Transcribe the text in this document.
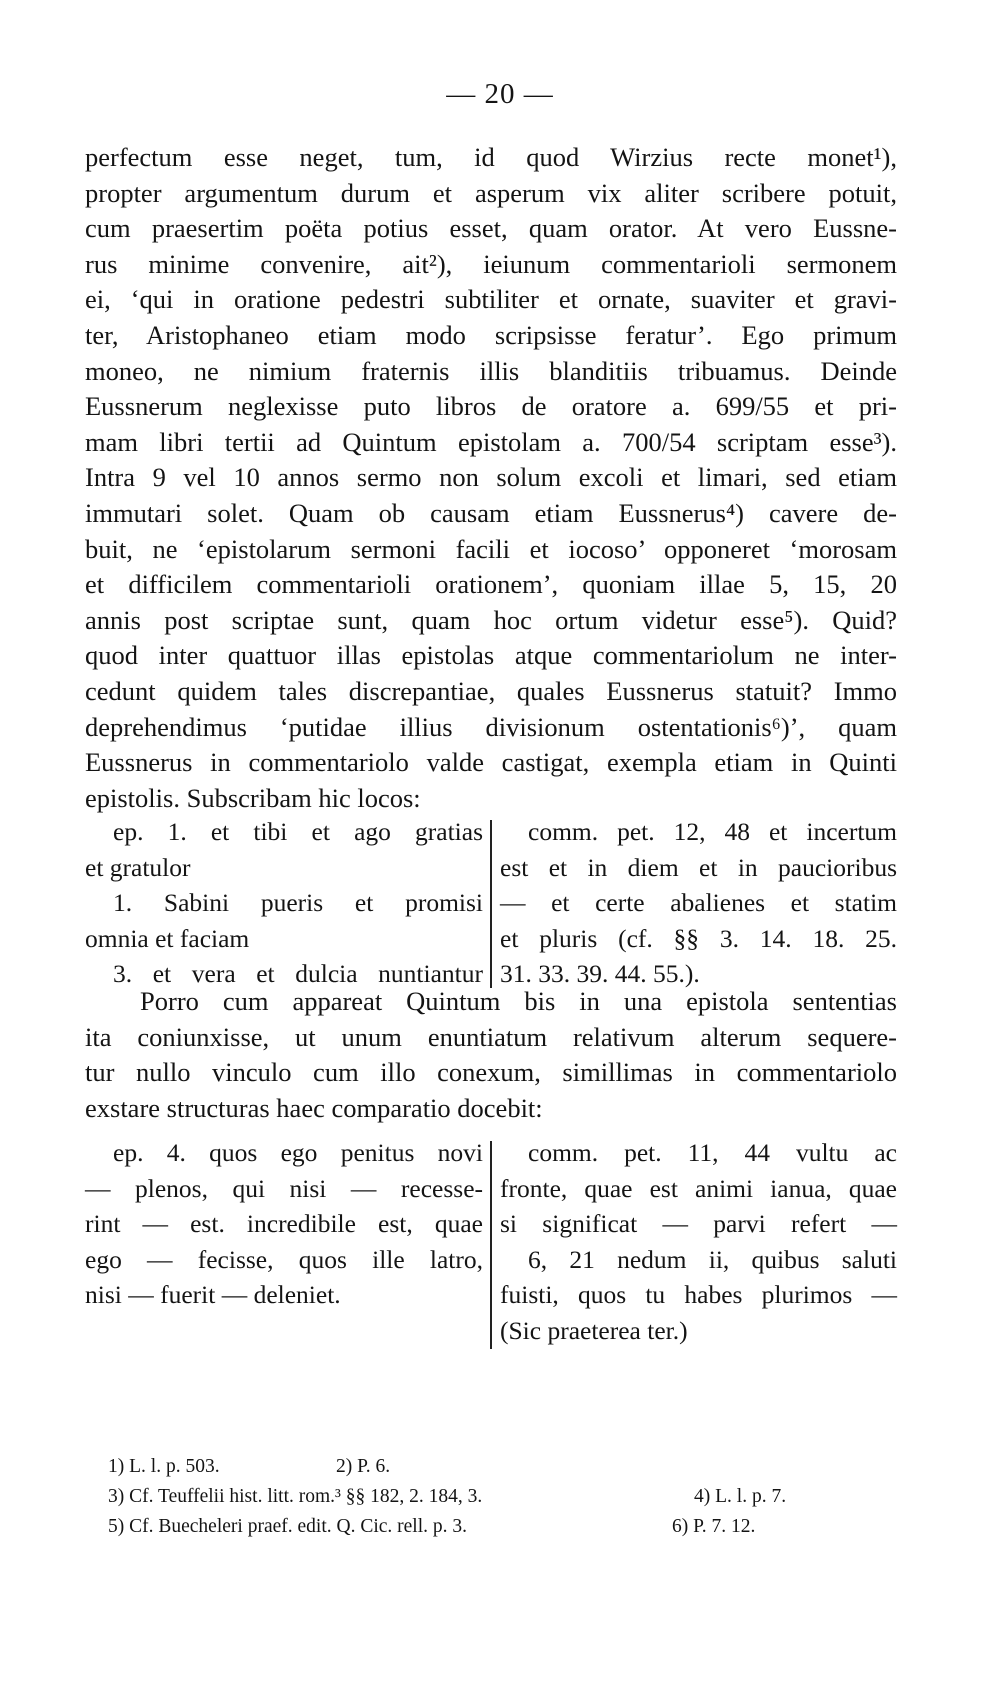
— 20 —
perfectum esse neget, tum, id quod Wirzius recte monet¹),
propter argumentum durum et asperum vix aliter scribere potuit,
cum praesertim poëta potius esset, quam orator. At vero Eussne-
rus minime convenire, ait²), ieiunum commentarioli sermonem
ei, ‘qui in oratione pedestri subtiliter et ornate, suaviter et gravi-
ter, Aristophaneo etiam modo scripsisse feratur’. Ego primum
moneo, ne nimium fraternis illis blanditiis tribuamus. Deinde
Eussnerum neglexisse puto libros de oratore a. 699/55 et pri-
mam libri tertii ad Quintum epistolam a. 700/54 scriptam esse³).
Intra 9 vel 10 annos sermo non solum excoli et limari, sed etiam
immutari solet. Quam ob causam etiam Eussnerus⁴) cavere de-
buit, ne ‘epistolarum sermoni facili et iocoso’ opponeret ‘morosam
et difficilem commentarioli orationem’, quoniam illae 5, 15, 20
annis post scriptae sunt, quam hoc ortum videtur esse⁵). Quid?
quod inter quattuor illas epistolas atque commentariolum ne inter-
cedunt quidem tales discrepantiae, quales Eussnerus statuit? Immo
deprehendimus ‘putidae illius divisionum ostentationis⁶)’, quam
Eussnerus in commentariolo valde castigat, exempla etiam in Quinti
epistolis. Subscribam hic locos:
ep. 1. et tibi et ago gratias
et gratulor
1. Sabini pueris et promisi
omnia et faciam
3. et vera et dulcia nuntiantur
comm. pet. 12, 48 et incertum
est et in diem et in paucioribus
— et certe abalienes et statim
et pluris (cf. §§ 3. 14. 18. 25.
31. 33. 39. 44. 55.).
Porro cum appareat Quintum bis in una epistola sententias
ita coniunxisse, ut unum enuntiatum relativum alterum sequere-
tur nullo vinculo cum illo conexum, simillimas in commentariolo
exstare structuras haec comparatio docebit:
ep. 4. quos ego penitus novi
— plenos, qui nisi — recesse-
rint — est. incredibile est, quae
ego — fecisse, quos ille latro,
nisi — fuerit — deleniet.
comm. pet. 11, 44 vultu ac
fronte, quae est animi ianua, quae
si significat — parvi refert —
6, 21 nedum ii, quibus saluti
fuisti, quos tu habes plurimos —
(Sic praeterea ter.)
1) L. l. p. 503.	2) P. 6.
3) Cf. Teuffelii hist. litt. rom.³ §§ 182, 2. 184, 3.	4) L. l. p. 7.
5) Cf. Buecheleri praef. edit. Q. Cic. rell. p. 3.	6) P. 7. 12.
